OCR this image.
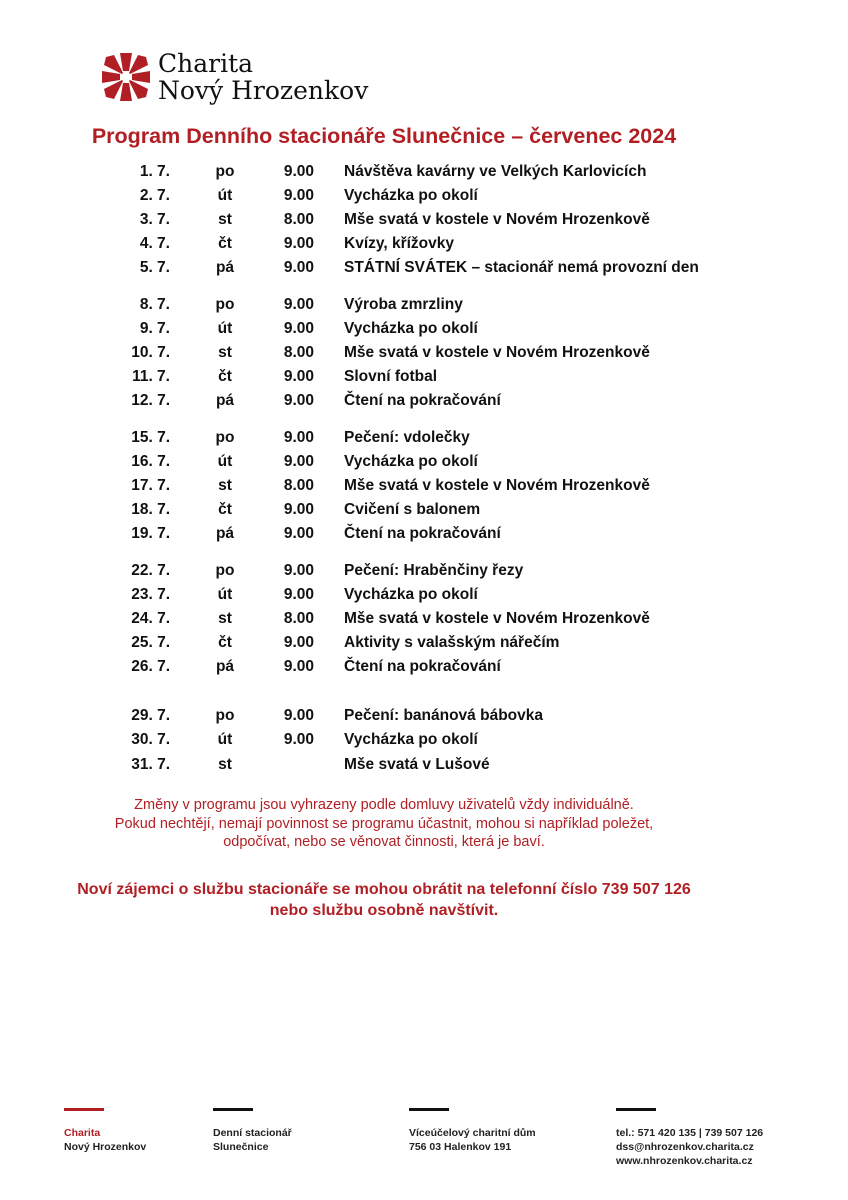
Charita
Nový Hrozenkov
Program Denního stacionáře Slunečnice – červenec 2024
1. 7.	po	9.00 Návštěva kavárny ve Velkých Karlovicích
2. 7.	út	9.00 Vycházka po okolí
3. 7.	st	8.00 Mše svatá v kostele v Novém Hrozenkově
4. 7.	čt	9.00 Kvízy, křížovky
5. 7.	pá	9.00 STÁTNÍ SVÁTEK – stacionář nemá provozní den
8. 7.	po	9.00 Výroba zmrzliny
9. 7.	út	9.00 Vycházka po okolí
10. 7.	st	8.00 Mše svatá v kostele v Novém Hrozenkově
11. 7.	čt	9.00 Slovní fotbal
12. 7.	pá	9.00 Čtení na pokračování
15. 7.	po	9.00 Pečení: vdolečky
16. 7.	út	9.00 Vycházka po okolí
17. 7.	st	8.00 Mše svatá v kostele v Novém Hrozenkově
18. 7.	čt	9.00 Cvičení s balonem
19. 7.	pá	9.00 Čtení na pokračování
22. 7.	po	9.00 Pečení: Hraběnčiny řezy
23. 7.	út	9.00 Vycházka po okolí
24. 7.	st	8.00 Mše svatá v kostele v Novém Hrozenkově
25. 7.	čt	9.00 Aktivity s valašským nářečím
26. 7.	pá	9.00 Čtení na pokračování
29. 7.	po	9.00 Pečení: banánová bábovka
30. 7.	út	9.00 Vycházka po okolí
31. 7.	st	Mše svatá v Lušové
Změny v programu jsou vyhrazeny podle domluvy uživatelů vždy individuálně.
Pokud nechtějí, nemají povinnost se programu účastnit, mohou si například poležet,
odpočívat, nebo se věnovat činnosti, která je baví.
Noví zájemci o službu stacionáře se mohou obrátit na telefonní číslo 739 507 126
nebo službu osobně navštívit.
Charita
Nový Hrozenkov
Denní stacionář
Slunečnice
Víceúčelový charitní dům
756 03 Halenkov 191
tel.: 571 420 135 | 739 507 126
dss@nhrozenkov.charita.cz
www.nhrozenkov.charita.cz
